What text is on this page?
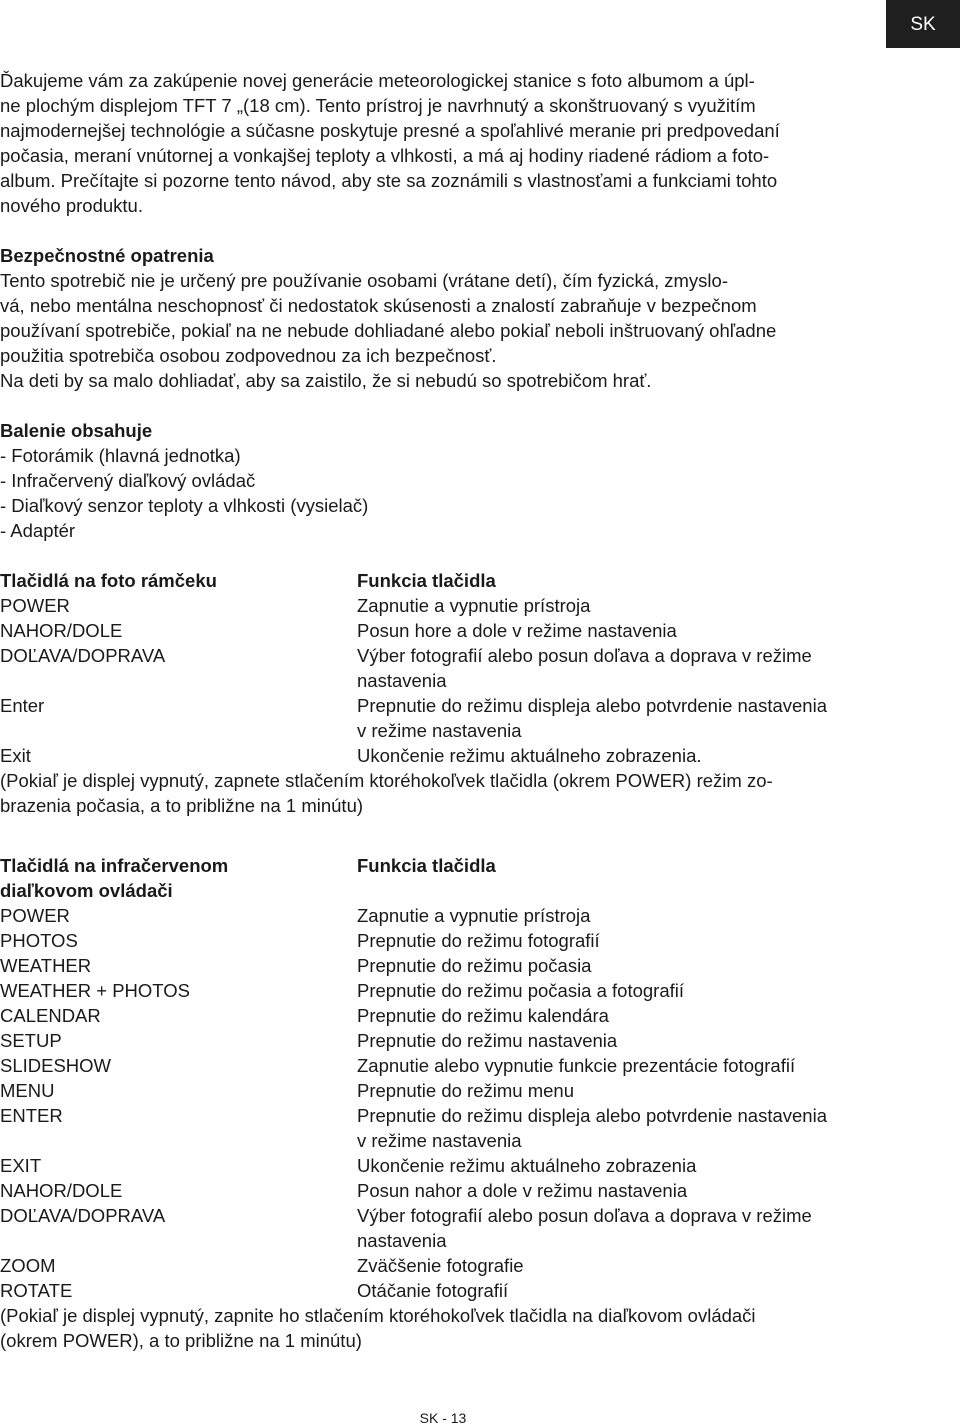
SK

Ďakujeme vám za zakúpenie novej generácie meteorologickej stanice s foto albumom a úpl-
ne plochým displejom TFT 7 „(18 cm). Tento prístroj je navrhnutý a skonštruovaný s využitím
najmodernejšej technológie a súčasne poskytuje presné a spoľahlivé meranie pri predpovedaní
počasia, meraní vnútornej a vonkajšej teploty a vlhkosti, a má aj hodiny riadené rádiom a foto-
album. Prečítajte si pozorne tento návod, aby ste sa zoznámili s vlastnosťami a funkciami tohto
nového produktu.

Bezpečnostné opatrenia

Tento spotrebič nie je určený pre používanie osobami (vrátane detí), čím fyzická, zmyslo-
vá, nebo mentálna neschopnosť či nedostatok skúsenosti a znalostí zabraňuje v bezpečnom
používaní spotrebiče, pokiaľ na ne nebude dohliadané alebo pokiaľ neboli inštruovaný ohľadne
použitia spotrebiča osobou zodpovednou za ich bezpečnosť.
Na deti by sa malo dohliadať, aby sa zaistilo, že si nebudú so spotrebičom hrať.

Balenie obsahuje

- Fotorámik (hlavná jednotka)
- Infračervený diaľkový ovládač
- Diaľkový senzor teploty a vlhkosti (vysielač)
- Adaptér
Tlačidlá na foto rámčeku	Funkcia tlačidla
POWER	Zapnutie a vypnutie prístroja
NAHOR/DOLE	Posun hore a dole v režime nastavenia
DOĽAVA/DOPRAVA	Výber fotografií alebo posun doľava a doprava v režime
nastavenia
Enter	Prepnutie do režimu displeja alebo potvrdenie nastavenia
v režime nastavenia
Exit	Ukončenie režimu aktuálneho zobrazenia.

(Pokiaľ je displej vypnutý, zapnete stlačením ktoréhokoľvek tlačidla (okrem POWER) režim zo-
brazenia počasia, a to približne na 1 minútu)

Tlačidlá na infračervenom
diaľkovom ovládači
Funkcia tlačidla
POWER	Zapnutie a vypnutie prístroja
PHOTOS	Prepnutie do režimu fotografií
WEATHER	Prepnutie do režimu počasia
WEATHER + PHOTOS	Prepnutie do režimu počasia a fotografií
CALENDAR	Prepnutie do režimu kalendára
SETUP	Prepnutie do režimu nastavenia
SLIDESHOW	Zapnutie alebo vypnutie funkcie prezentácie fotografií
MENU	Prepnutie do režimu menu
ENTER	Prepnutie do režimu displeja alebo potvrdenie nastavenia
v režime nastavenia
EXIT	Ukončenie režimu aktuálneho zobrazenia
NAHOR/DOLE	Posun nahor a dole v režimu nastavenia
DOĽAVA/DOPRAVA	Výber fotografií alebo posun doľava a doprava v režime
nastavenia
ZOOM	Zväčšenie fotografie
ROTATE	Otáčanie fotografií

(Pokiaľ je displej vypnutý, zapnite ho stlačením ktoréhokoľvek tlačidla na diaľkovom ovládači
(okrem POWER), a to približne na 1 minútu)

SK - 13
